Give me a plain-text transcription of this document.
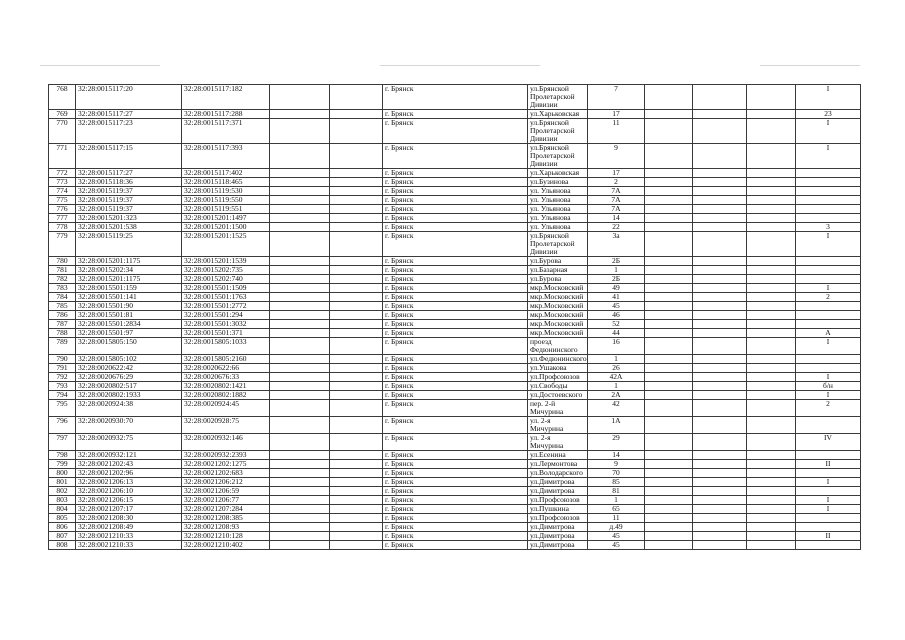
768	32:28:0015117:20	32:28:0015117:182			г. Брянск	ул.Брянской Пролетарской Дивизии	7				I
769	32:28:0015117:27	32:28:0015117:288			г. Брянск	ул.Харьковская	17				23
770	32:28:0015117:23	32:28:0015117:371			г. Брянск	ул.Брянской Пролетарской Дивизии	11				I
771	32:28:0015117:15	32:28:0015117:393			г. Брянск	ул.Брянской Пролетарской Дивизии	9				I
772	32:28:0015117:27	32:28:0015117:402			г. Брянск	ул.Харьковская	17				
773	32:28:0015118:36	32:28:0015118:465			г. Брянск	ул.Бузинова	2				
774	32:28:0015119:37	32:28:0015119:530			г. Брянск	ул. Ульянова	7А				
775	32:28:0015119:37	32:28:0015119:550			г. Брянск	ул. Ульянова	7А				
776	32:28:0015119:37	32:28:0015119:551			г. Брянск	ул. Ульянова	7А				
777	32:28:0015201:323	32:28:0015201:1497			г. Брянск	ул. Ульянова	14				
778	32:28:0015201:538	32:28:0015201:1500			г. Брянск	ул. Ульянова	22				3
779	32:28:0015119:25	32:28:0015201:1525			г. Брянск	ул.Брянской Пролетарской Дивизии	3а				I
780	32:28:0015201:1175	32:28:0015201:1539			г. Брянск	ул.Бурова	2Б				
781	32:28:0015202:34	32:28:0015202:735			г. Брянск	ул.Базарная	1				
782	32:28:0015201:1175	32:28:0015202:740			г. Брянск	ул.Бурова	2Б				
783	32:28:0015501:159	32:28:0015501:1509			г. Брянск	мкр.Московский	49				I
784	32:28:0015501:141	32:28:0015501:1763			г. Брянск	мкр.Московский	41				2
785	32:28:0015501:90	32:28:0015501:2772			г. Брянск	мкр.Московский	45				
786	32:28:0015501:81	32:28:0015501:294			г. Брянск	мкр.Московский	46				
787	32:28:0015501:2834	32:28:0015501:3032			г. Брянск	мкр.Московский	52				
788	32:28:0015501:97	32:28:0015501:371			г. Брянск	мкр.Московский	44				А
789	32:28:0015805:150	32:28:0015805:1033			г. Брянск	проезд Федюнинского	16				I
790	32:28:0015805:102	32:28:0015805:2160			г. Брянск	ул.Федюнинского	1				
791	32:28:0020622:42	32:28:0020622:66			г. Брянск	ул.Ушакова	26				
792	32:28:0020676:29	32:28:0020676:33			г. Брянск	ул.Профсоюзов	42А				I
793	32:28:0020802:517	32:28:0020802:1421			г. Брянск	ул.Свободы	1				б/н
794	32:28:0020802:1933	32:28:0020802:1882			г. Брянск	ул.Достоевского	2А				I
795	32:28:0020924:38	32:28:0020924:45			г. Брянск	пер. 2-й Мичурина	42				2
796	32:28:0020930:70	32:28:0020928:75			г. Брянск	ул. 2-я Мичурина	1А				
797	32:28:0020932:75	32:28:0020932:146			г. Брянск	ул. 2-я Мичурина	29				IV
798	32:28:0020932:121	32:28:0020932:2393			г. Брянск	ул.Есенина	14				
799	32:28:0021202:43	32:28:0021202:1275			г. Брянск	ул.Лермонтова	9				II
800	32:28:0021202:96	32:28:0021202:683			г. Брянск	ул.Володарского	70				
801	32:28:0021206:13	32:28:0021206:212			г. Брянск	ул.Димитрова	85				I
802	32:28:0021206:10	32:28:0021206:59			г. Брянск	ул.Димитрова	81				
803	32:28:0021206:15	32:28:0021206:77			г. Брянск	ул.Профсоюзов	1				I
804	32:28:0021207:17	32:28:0021207:284			г. Брянск	ул.Пушкина	65				I
805	32:28:0021208:30	32:28:0021208:385			г. Брянск	ул.Профсоюзов	11				
806	32:28:0021208:49	32:28:0021208:93			г. Брянск	ул.Димитрова	д.49				
807	32:28:0021210:33	32:28:0021210:128			г. Брянск	ул.Димитрова	45				II
808	32:28:0021210:33	32:28:0021210:402			г. Брянск	ул.Димитрова	45				
